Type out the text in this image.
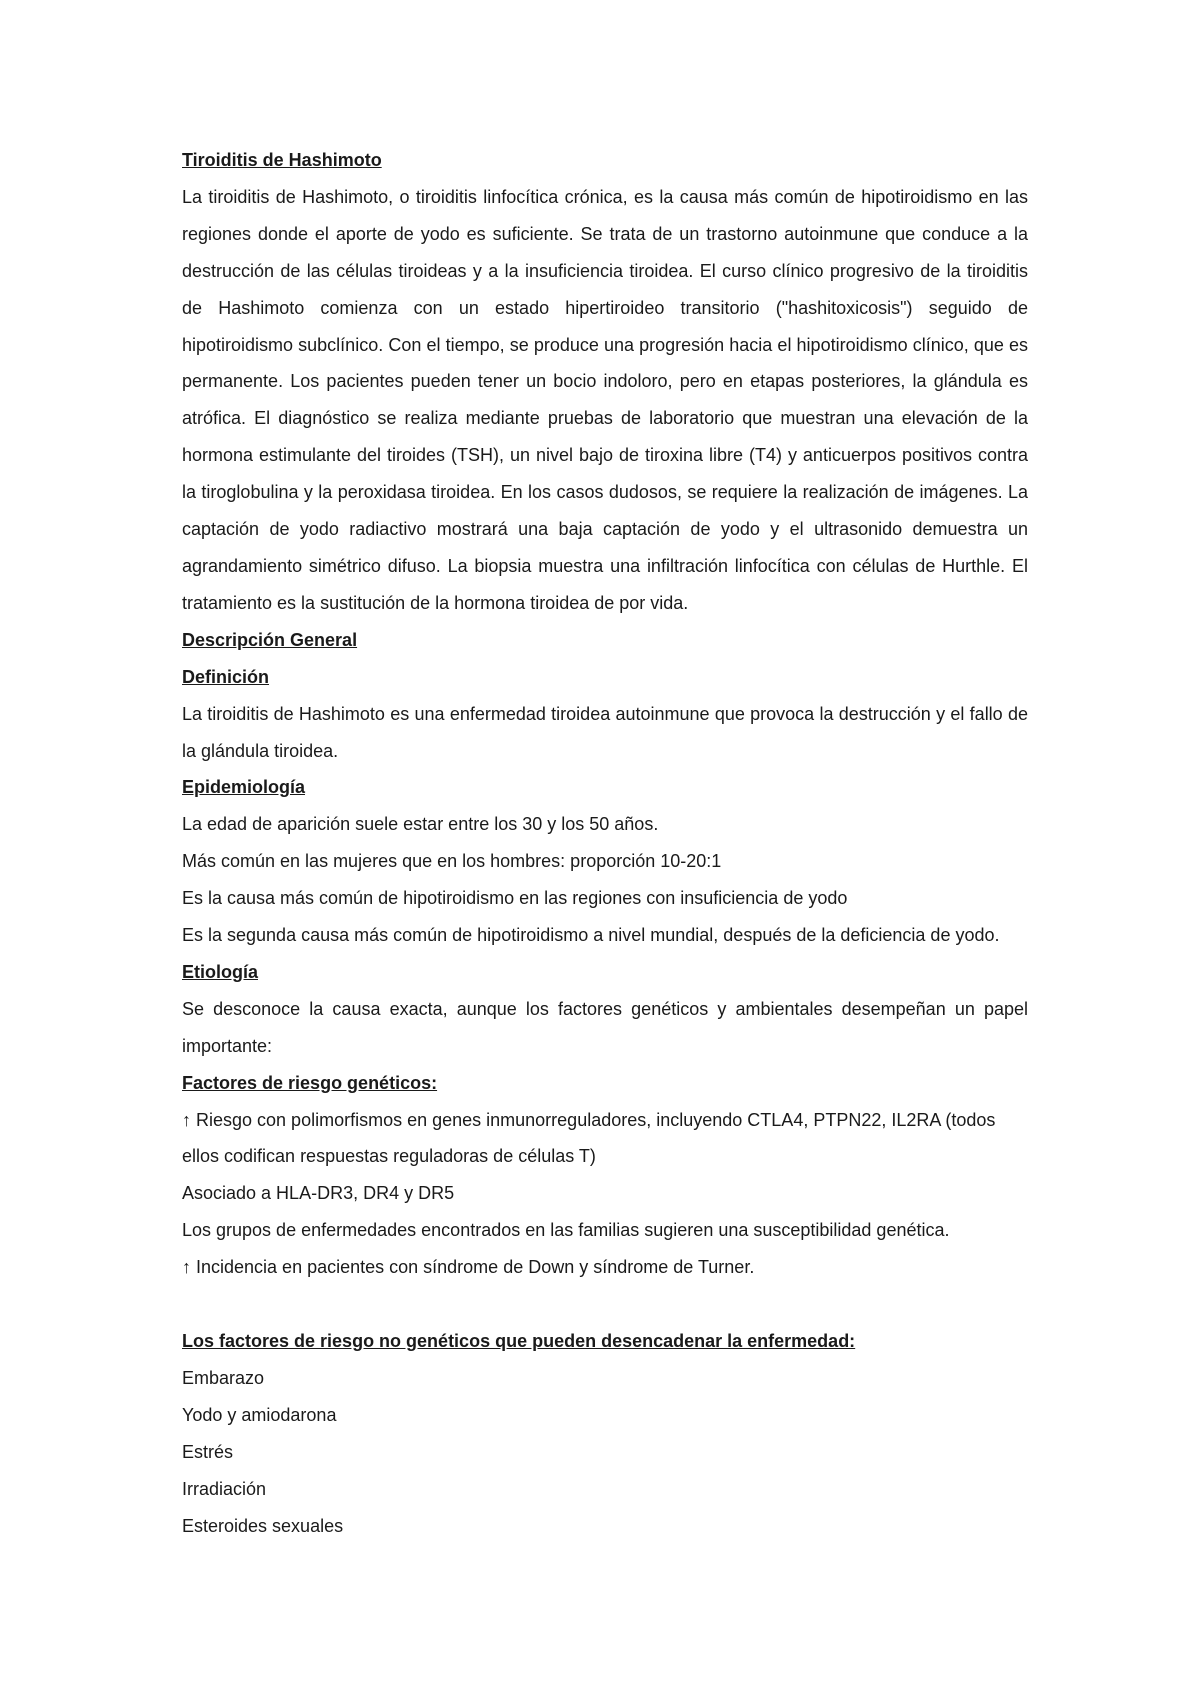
Tiroiditis de Hashimoto

La tiroiditis de Hashimoto, o tiroiditis linfocítica crónica, es la causa más común de hipotiroidismo en las regiones donde el aporte de yodo es suficiente. Se trata de un trastorno autoinmune que conduce a la destrucción de las células tiroideas y a la insuficiencia tiroidea. El curso clínico progresivo de la tiroiditis de Hashimoto comienza con un estado hipertiroideo transitorio ("hashitoxicosis") seguido de hipotiroidismo subclínico. Con el tiempo, se produce una progresión hacia el hipotiroidismo clínico, que es permanente. Los pacientes pueden tener un bocio indoloro, pero en etapas posteriores, la glándula es atrófica. El diagnóstico se realiza mediante pruebas de laboratorio que muestran una elevación de la hormona estimulante del tiroides (TSH), un nivel bajo de tiroxina libre (T4) y anticuerpos positivos contra la tiroglobulina y la peroxidasa tiroidea. En los casos dudosos, se requiere la realización de imágenes. La captación de yodo radiactivo mostrará una baja captación de yodo y el ultrasonido demuestra un agrandamiento simétrico difuso. La biopsia muestra una infiltración linfocítica con células de Hurthle. El tratamiento es la sustitución de la hormona tiroidea de por vida.

Descripción General

Definición

La tiroiditis de Hashimoto es una enfermedad tiroidea autoinmune que provoca la destrucción y el fallo de la glándula tiroidea.

Epidemiología

La edad de aparición suele estar entre los 30 y los 50 años.

Más común en las mujeres que en los hombres: proporción 10-20:1

Es la causa más común de hipotiroidismo en las regiones con insuficiencia de yodo

Es la segunda causa más común de hipotiroidismo a nivel mundial, después de la deficiencia de yodo.

Etiología

Se desconoce la causa exacta, aunque los factores genéticos y ambientales desempeñan un papel importante:

Factores de riesgo genéticos:

↑ Riesgo con polimorfismos en genes inmunorreguladores, incluyendo CTLA4, PTPN22, IL2RA (todos ellos codifican respuestas reguladoras de células T)

Asociado a HLA-DR3, DR4 y DR5

Los grupos de enfermedades encontrados en las familias sugieren una susceptibilidad genética.

↑ Incidencia en pacientes con síndrome de Down y síndrome de Turner.

Los factores de riesgo no genéticos que pueden desencadenar la enfermedad:

Embarazo

Yodo y amiodarona

Estrés

Irradiación

Esteroides sexuales
